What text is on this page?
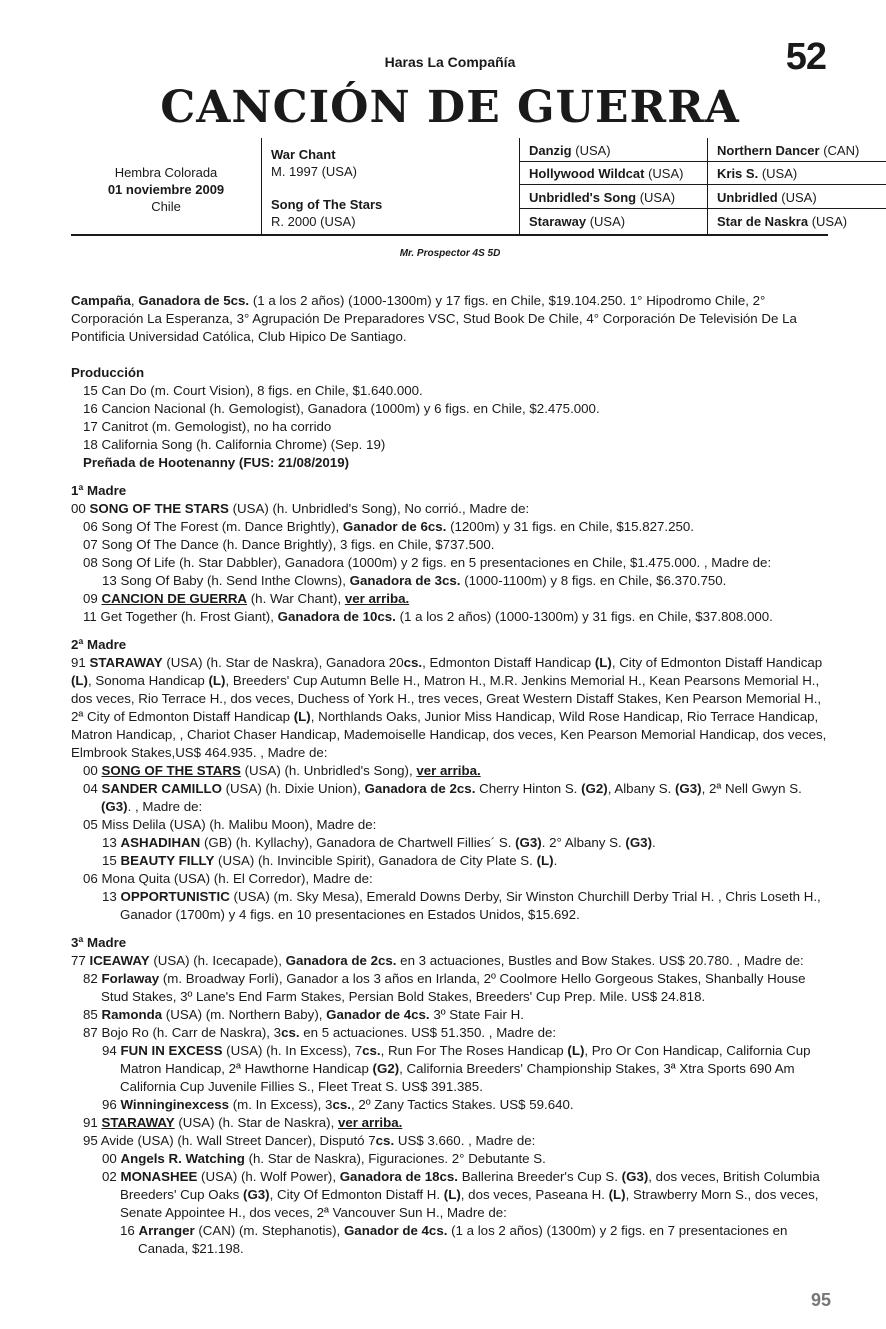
Haras La Compañía	52
CANCIÓN DE GUERRA
Hembra Colorada
01 noviembre 2009
Chile
War Chant
M. 1997 (USA)
Song of The Stars
R. 2000 (USA)
Danzig (USA)
Hollywood Wildcat (USA)
Unbridled's Song (USA)
Staraway (USA)
Northern Dancer (CAN)
Kris S. (USA)
Unbridled (USA)
Star de Naskra (USA)
Mr. Prospector 4S 5D

Campaña, Ganadora de 5cs. (1 a los 2 años) (1000-1300m) y 17 figs. en Chile, $19.104.250. 1° Hipodromo Chile, 2° Corporación La Esperanza, 3° Agrupación De Preparadores VSC, Stud Book De Chile, 4° Corporación De Televisión De La Pontificia Universidad Católica, Club Hipico De Santiago.

Producción

15 Can Do (m. Court Vision), 8 figs. en Chile, $1.640.000.

16 Cancion Nacional (h. Gemologist), Ganadora (1000m) y 6 figs. en Chile, $2.475.000.

17 Canitrot (m. Gemologist), no ha corrido

18 California Song (h. California Chrome) (Sep. 19)

Preñada de Hootenanny (FUS: 21/08/2019)

1ª Madre

00 SONG OF THE STARS (USA) (h. Unbridled's Song), No corrió., Madre de:

06 Song Of The Forest (m. Dance Brightly), Ganador de 6cs. (1200m) y 31 figs. en Chile, $15.827.250.

07 Song Of The Dance (h. Dance Brightly), 3 figs. en Chile, $737.500.

08 Song Of Life (h. Star Dabbler), Ganadora (1000m) y 2 figs. en 5 presentaciones en Chile, $1.475.000. , Madre de:

13 Song Of Baby (h. Send Inthe Clowns), Ganadora de 3cs. (1000-1100m) y 8 figs. en Chile, $6.370.750.

09 CANCION DE GUERRA (h. War Chant), ver arriba.

11 Get Together (h. Frost Giant), Ganadora de 10cs. (1 a los 2 años) (1000-1300m) y 31 figs. en Chile, $37.808.000.

2ª Madre

91 STARAWAY (USA) (h. Star de Naskra), Ganadora 20cs., Edmonton Distaff Handicap (L), City of Edmonton Distaff Handicap (L), Sonoma Handicap (L), Breeders' Cup Autumn Belle H., Matron H., M.R. Jenkins Memorial H., Kean Pearsons Memorial H., dos veces, Rio Terrace H., dos veces, Duchess of York H., tres veces, Great Western Distaff Stakes, Ken Pearson Memorial H., 2ª City of Edmonton Distaff Handicap (L), Northlands Oaks, Junior Miss Handicap, Wild Rose Handicap, Rio Terrace Handicap, Matron Handicap, , Chariot Chaser Handicap, Mademoiselle Handicap, dos veces, Ken Pearson Memorial Handicap, dos veces, Elmbrook Stakes,US$ 464.935. , Madre de:

00 SONG OF THE STARS (USA) (h. Unbridled's Song), ver arriba.

04 SANDER CAMILLO (USA) (h. Dixie Union), Ganadora de 2cs. Cherry Hinton S. (G2), Albany S. (G3), 2ª Nell Gwyn S. (G3). , Madre de:

05 Miss Delila (USA) (h. Malibu Moon), Madre de:

13 ASHADIHAN (GB) (h. Kyllachy), Ganadora de Chartwell Fillies´ S. (G3). 2° Albany S. (G3).

15 BEAUTY FILLY (USA) (h. Invincible Spirit), Ganadora de City Plate S. (L).

06 Mona Quita (USA) (h. El Corredor), Madre de:

13 OPPORTUNISTIC (USA) (m. Sky Mesa), Emerald Downs Derby, Sir Winston Churchill Derby Trial H. , Chris Loseth H., Ganador (1700m) y 4 figs. en 10 presentaciones en Estados Unidos, $15.692.

3ª Madre

77 ICEAWAY (USA) (h. Icecapade), Ganadora de 2cs. en 3 actuaciones, Bustles and Bow Stakes. US$ 20.780. , Madre de:

82 Forlaway (m. Broadway Forli), Ganador a los 3 años en Irlanda, 2º Coolmore Hello Gorgeous Stakes, Shanbally House Stud Stakes, 3º Lane's End Farm Stakes, Persian Bold Stakes, Breeders' Cup Prep. Mile. US$ 24.818.

85 Ramonda (USA) (m. Northern Baby), Ganador de 4cs. 3º State Fair H.

87 Bojo Ro (h. Carr de Naskra), 3cs. en 5 actuaciones. US$ 51.350. , Madre de:

94 FUN IN EXCESS (USA) (h. In Excess), 7cs., Run For The Roses Handicap (L), Pro Or Con Handicap, California Cup Matron Handicap, 2ª Hawthorne Handicap (G2), California Breeders' Championship Stakes, 3ª Xtra Sports 690 Am California Cup Juvenile Fillies S., Fleet Treat S. US$ 391.385.

96 Winninginexcess (m. In Excess), 3cs., 2º Zany Tactics Stakes. US$ 59.640.

91 STARAWAY (USA) (h. Star de Naskra), ver arriba.

95 Avide (USA) (h. Wall Street Dancer), Disputó 7cs. US$ 3.660. , Madre de:

00 Angels R. Watching (h. Star de Naskra), Figuraciones. 2° Debutante S.

02 MONASHEE (USA) (h. Wolf Power), Ganadora de 18cs. Ballerina Breeder's Cup S. (G3), dos veces, British Columbia Breeders' Cup Oaks (G3), City Of Edmonton Distaff H. (L), dos veces, Paseana H. (L), Strawberry Morn S., dos veces, Senate Appointee H., dos veces, 2ª Vancouver Sun H., Madre de:

16 Arranger (CAN) (m. Stephanotis), Ganador de 4cs. (1 a los 2 años) (1300m) y 2 figs. en 7 presentaciones en Canada, $21.198.

95
